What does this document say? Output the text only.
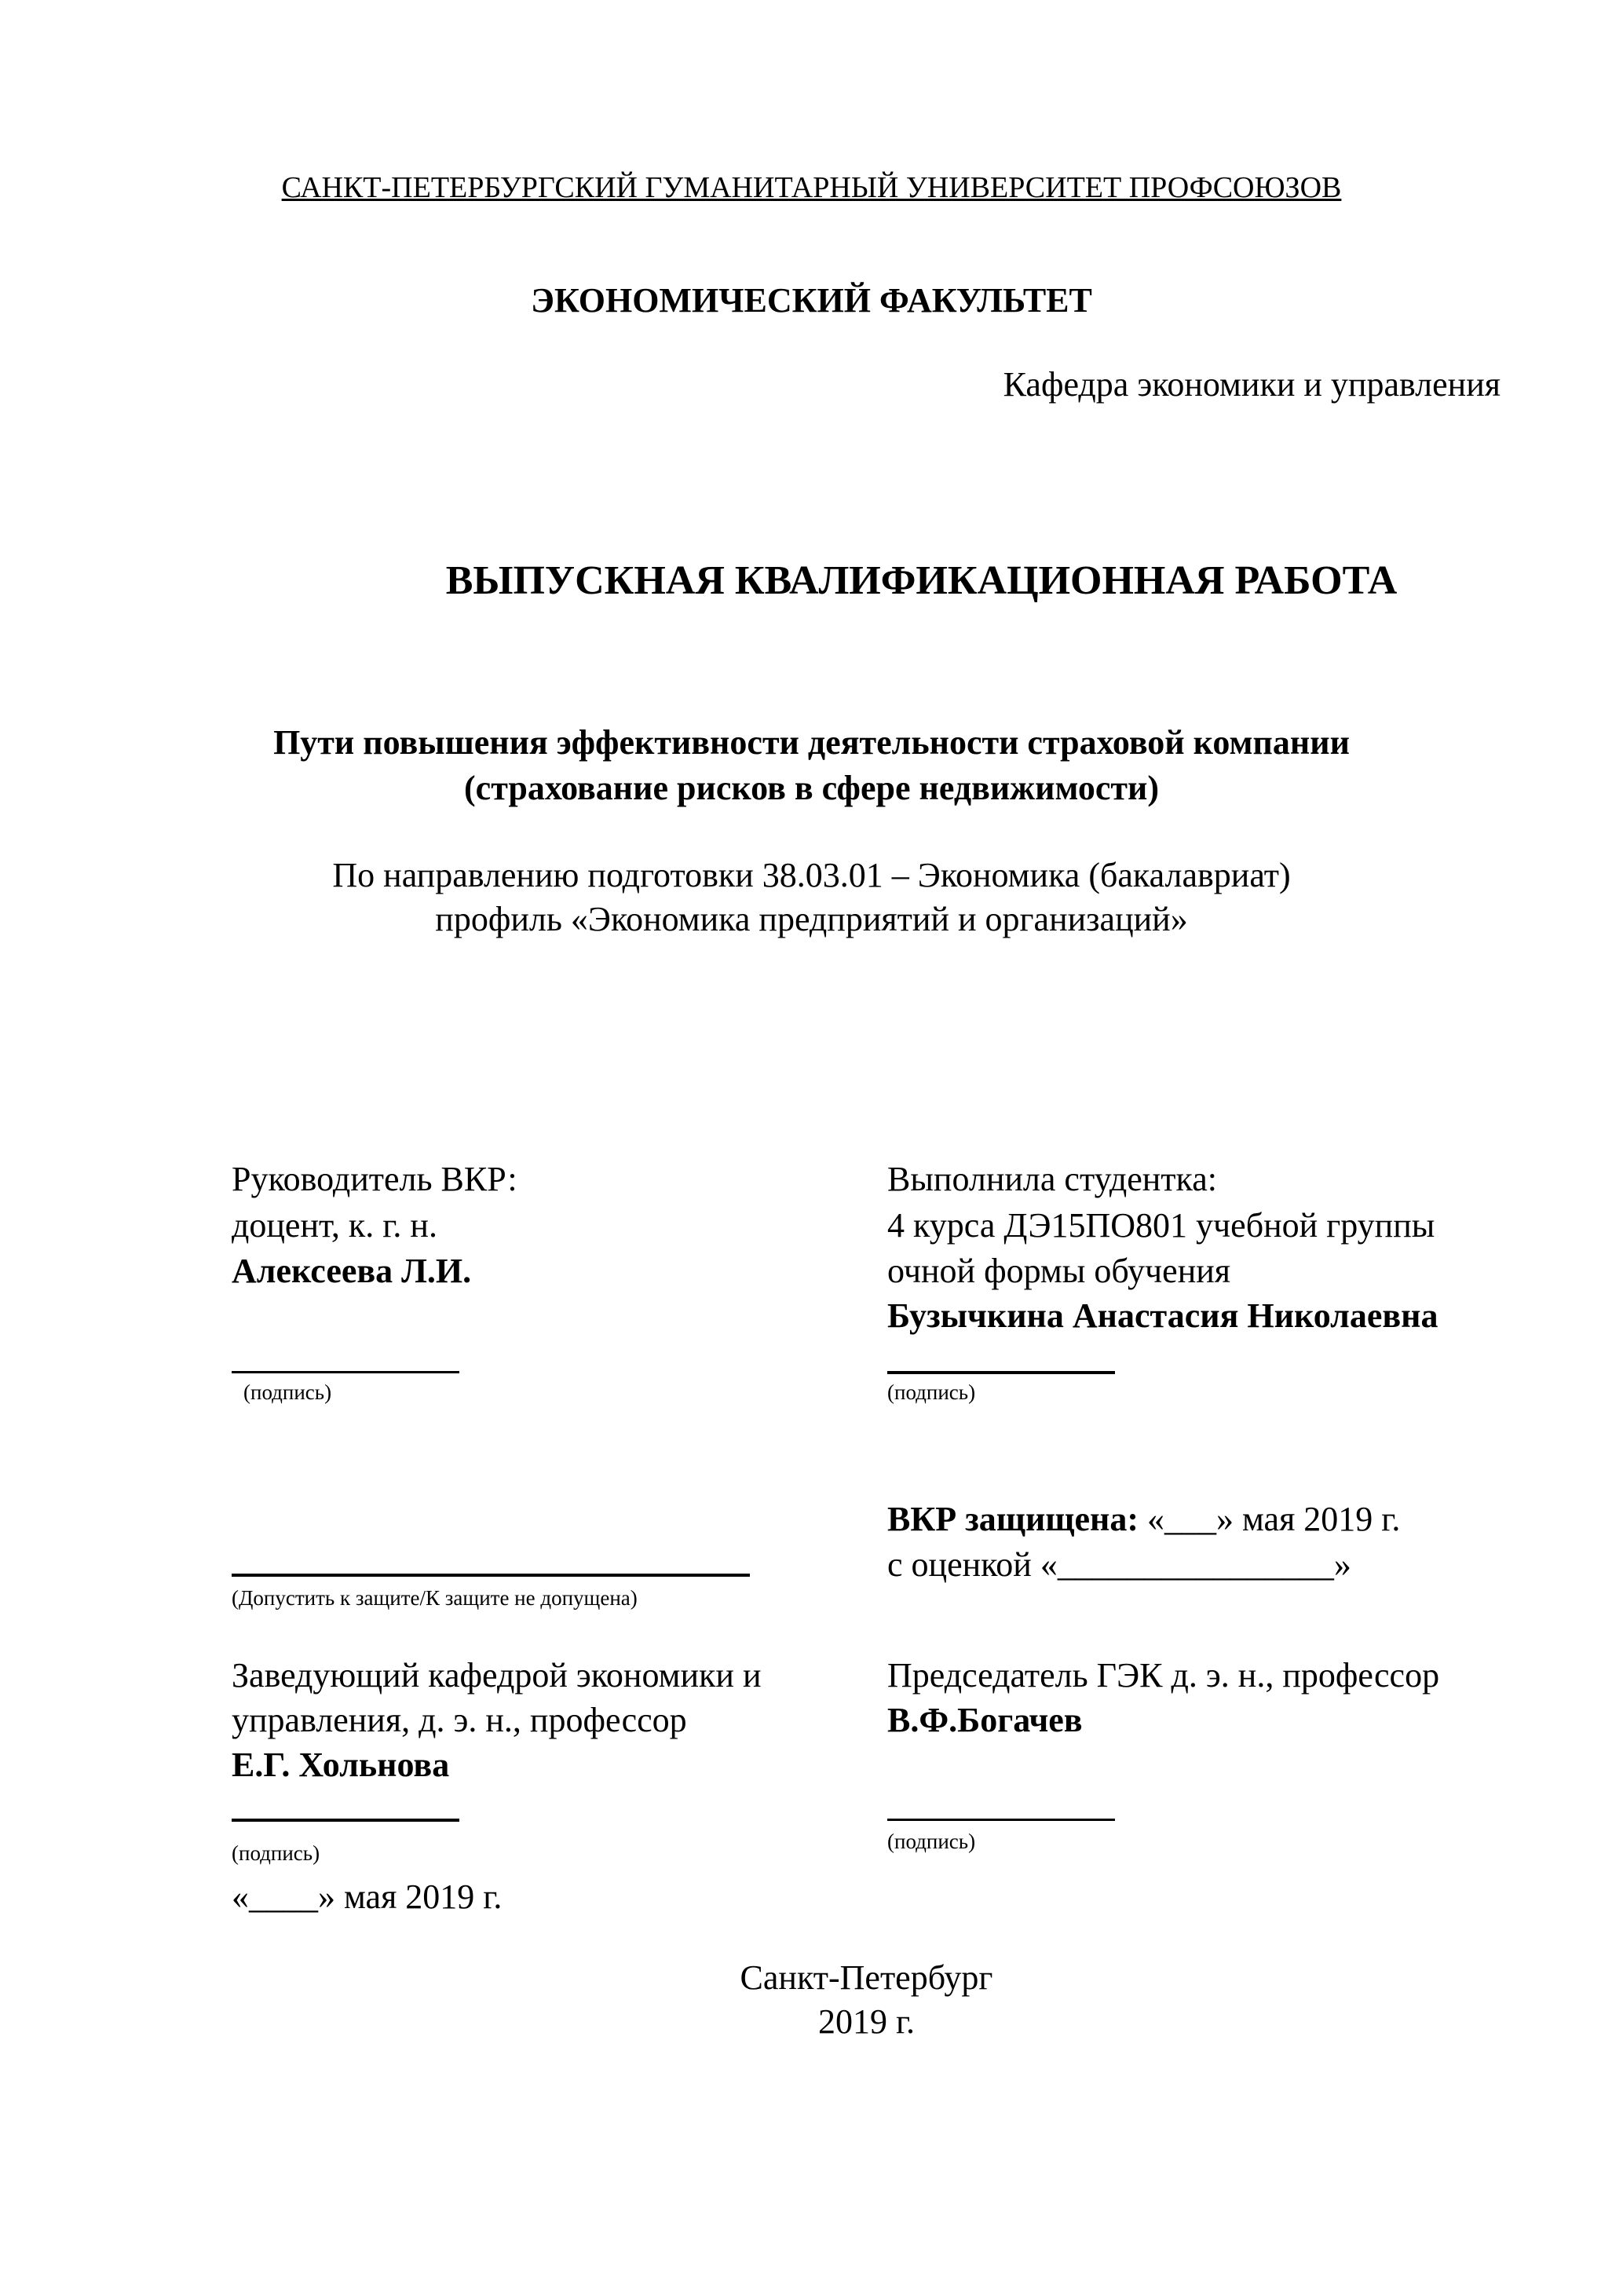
САНКТ-ПЕТЕРБУРГСКИЙ ГУМАНИТАРНЫЙ УНИВЕРСИТЕТ ПРОФСОЮЗОВ
ЭКОНОМИЧЕСКИЙ ФАКУЛЬТЕТ
Кафедра экономики и управления
ВЫПУСКНАЯ КВАЛИФИКАЦИОННАЯ РАБОТА
Пути повышения эффективности деятельности страховой компании
(страхование рисков в сфере недвижимости)
По направлению подготовки 38.03.01 – Экономика (бакалавриат)
профиль «Экономика предприятий и организаций»
Руководитель ВКР:
доцент, к. г. н.
Алексеева Л.И.
(подпись)
Выполнила студентка:
4 курса ДЭ15ПО801 учебной группы
очной формы обучения
Бузычкина Анастасия Николаевна
(подпись)
(Допустить к защите/К защите не допущена)
ВКР защищена: «___» мая 2019 г.
с оценкой «________________»
Заведующий кафедрой экономики и
управления, д. э. н., профессор
Е.Г. Хольнова
(подпись)
«____» мая 2019 г.
Председатель ГЭК д. э. н., профессор
В.Ф.Богачев
(подпись)
Санкт-Петербург
2019 г.
